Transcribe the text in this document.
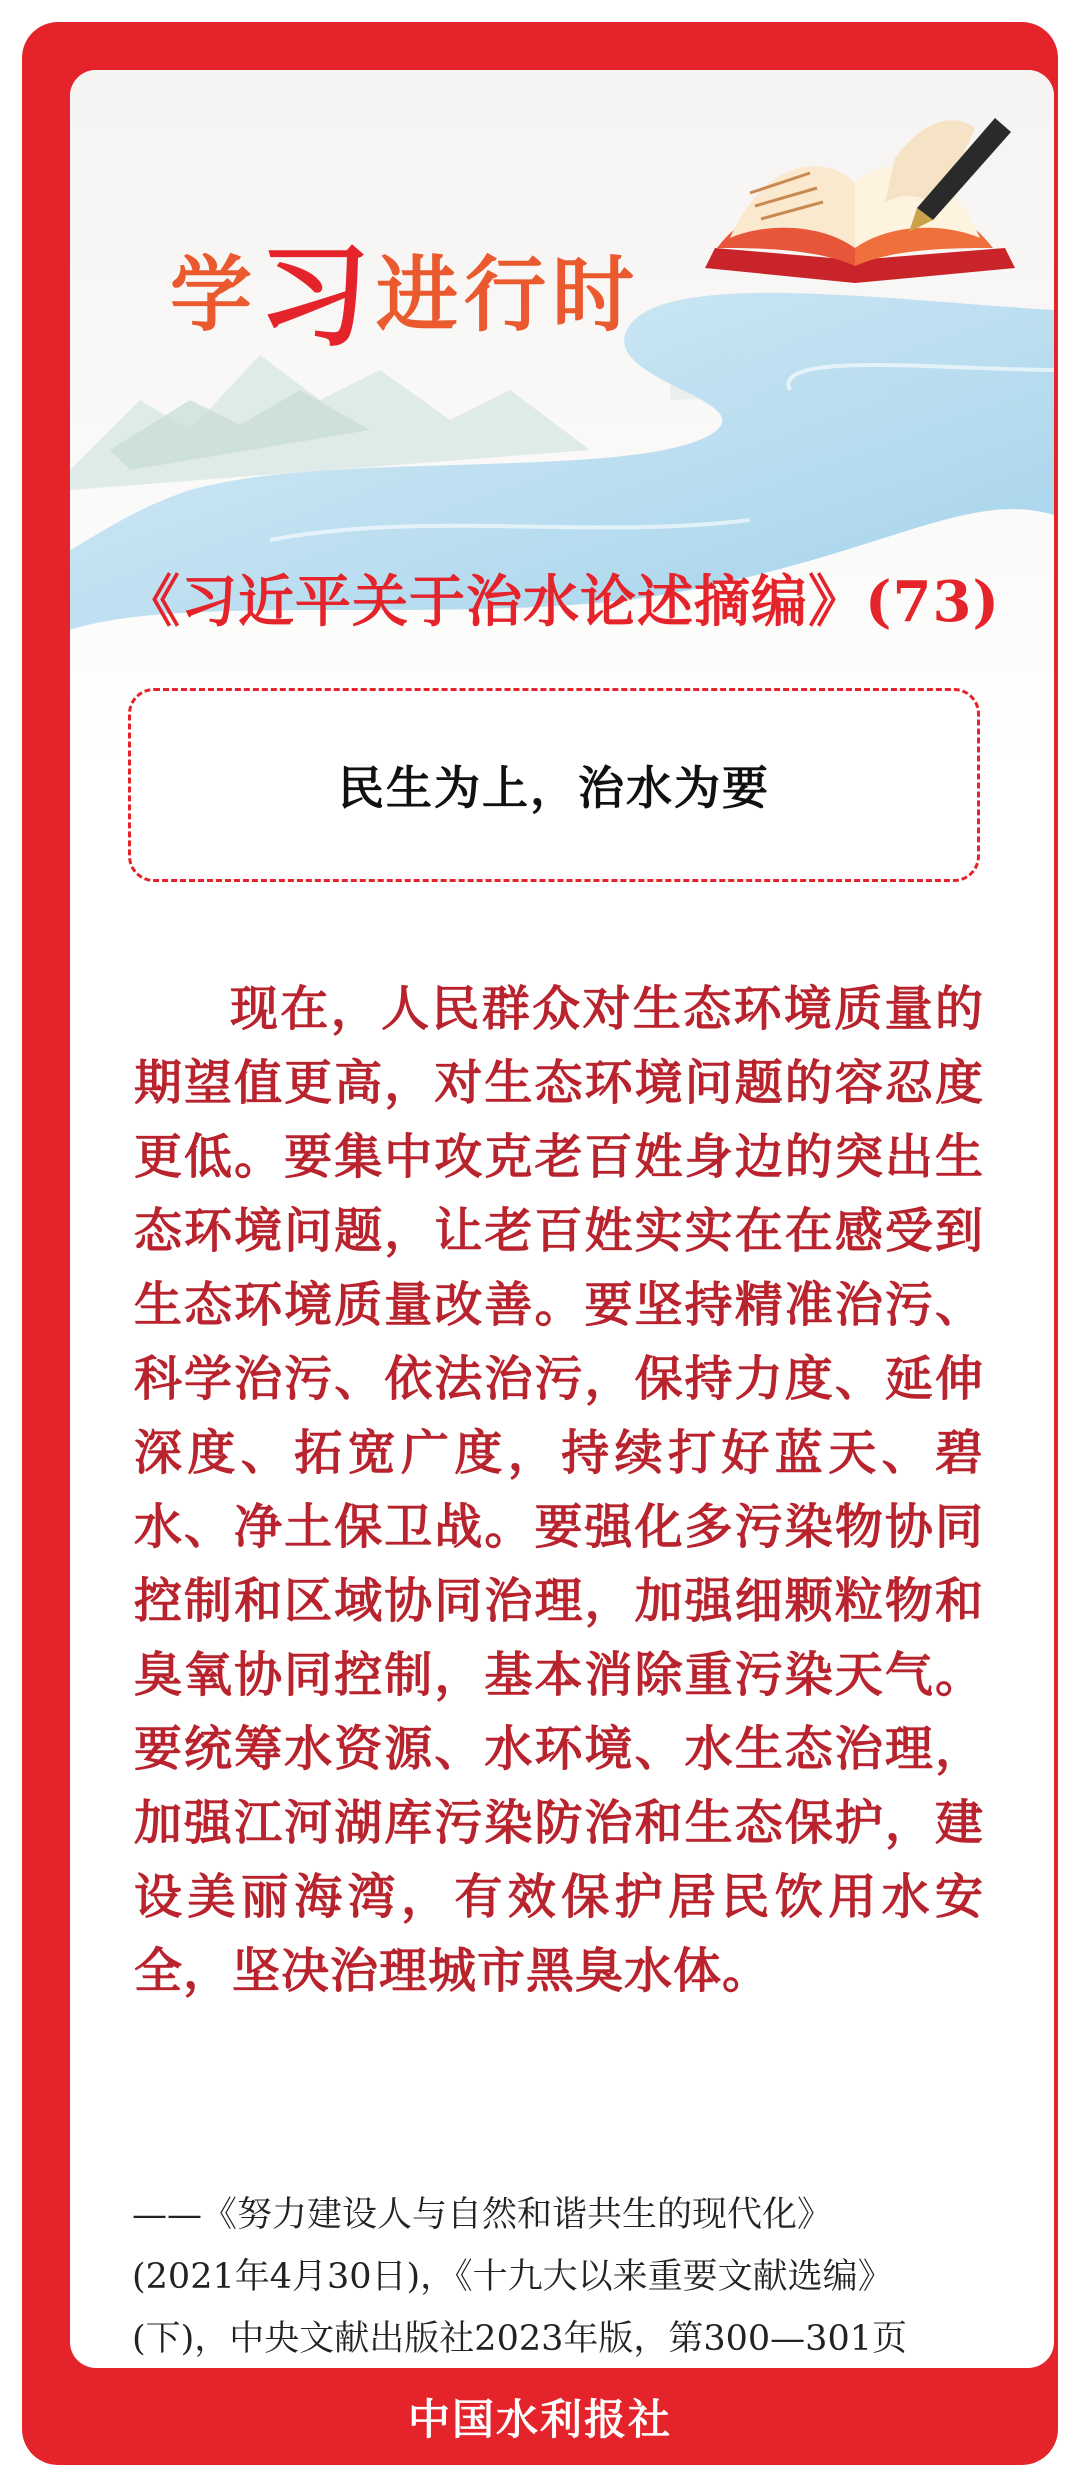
学习进行时
《习近平关于治水论述摘编》(73)
民生为上，治水为要

现在，人民群众对生态环境质量的期望值更高，对生态环境问题的容忍度更低。要集中攻克老百姓身边的突出生态环境问题，让老百姓实实在在感受到生态环境质量改善。要坚持精准治污、科学治污、依法治污，保持力度、延伸深度、拓宽广度，持续打好蓝天、碧水、净土保卫战。要强化多污染物协同控制和区域协同治理，加强细颗粒物和臭氧协同控制，基本消除重污染天气。要统筹水资源、水环境、水生态治理，加强江河湖库污染防治和生态保护，建设美丽海湾，有效保护居民饮用水安全，坚决治理城市黑臭水体。

——《努力建设人与自然和谐共生的现代化》
(2021年4月30日)，《十九大以来重要文献选编》
(下)，中央文献出版社2023年版，第300—301页

中国水利报社
